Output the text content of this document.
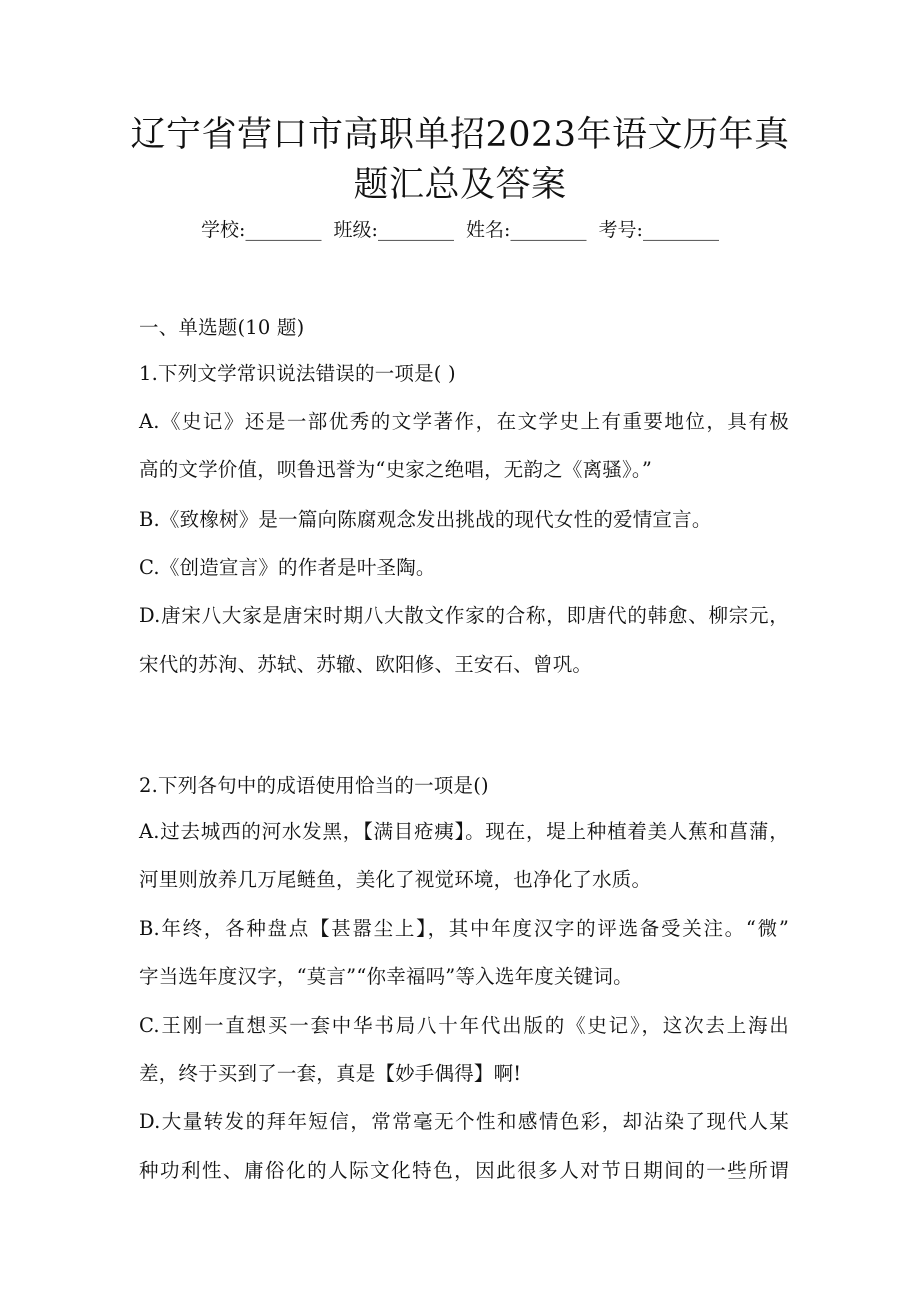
辽宁省营口市高职单招2023年语文历年真
题汇总及答案
学校:________ 班级:________ 姓名:________ 考号:________
一、单选题(10 题)
1.下列文学常识说法错误的一项是( )
A.《史记》还是一部优秀的文学著作，在文学史上有重要地位，具有极
高的文学价值，呗鲁迅誉为“史家之绝唱，无韵之《离骚》。”
B.《致橡树》是一篇向陈腐观念发出挑战的现代女性的爱情宣言。
C.《创造宣言》的作者是叶圣陶。
D.唐宋八大家是唐宋时期八大散文作家的合称，即唐代的韩愈、柳宗元，
宋代的苏洵、苏轼、苏辙、欧阳修、王安石、曾巩。
2.下列各句中的成语使用恰当的一项是()
A.过去城西的河水发黑，【满目疮痍】。现在，堤上种植着美人蕉和菖蒲，
河里则放养几万尾鲢鱼，美化了视觉环境，也净化了水质。
B.年终，各种盘点【甚嚣尘上】，其中年度汉字的评选备受关注。“微”
字当选年度汉字，“莫言”“你幸福吗”等入选年度关键词。
C.王刚一直想买一套中华书局八十年代出版的《史记》，这次去上海出
差，终于买到了一套，真是【妙手偶得】啊!
D.大量转发的拜年短信，常常毫无个性和感情色彩，却沾染了现代人某
种功利性、庸俗化的人际文化特色，因此很多人对节日期间的一些所谓
